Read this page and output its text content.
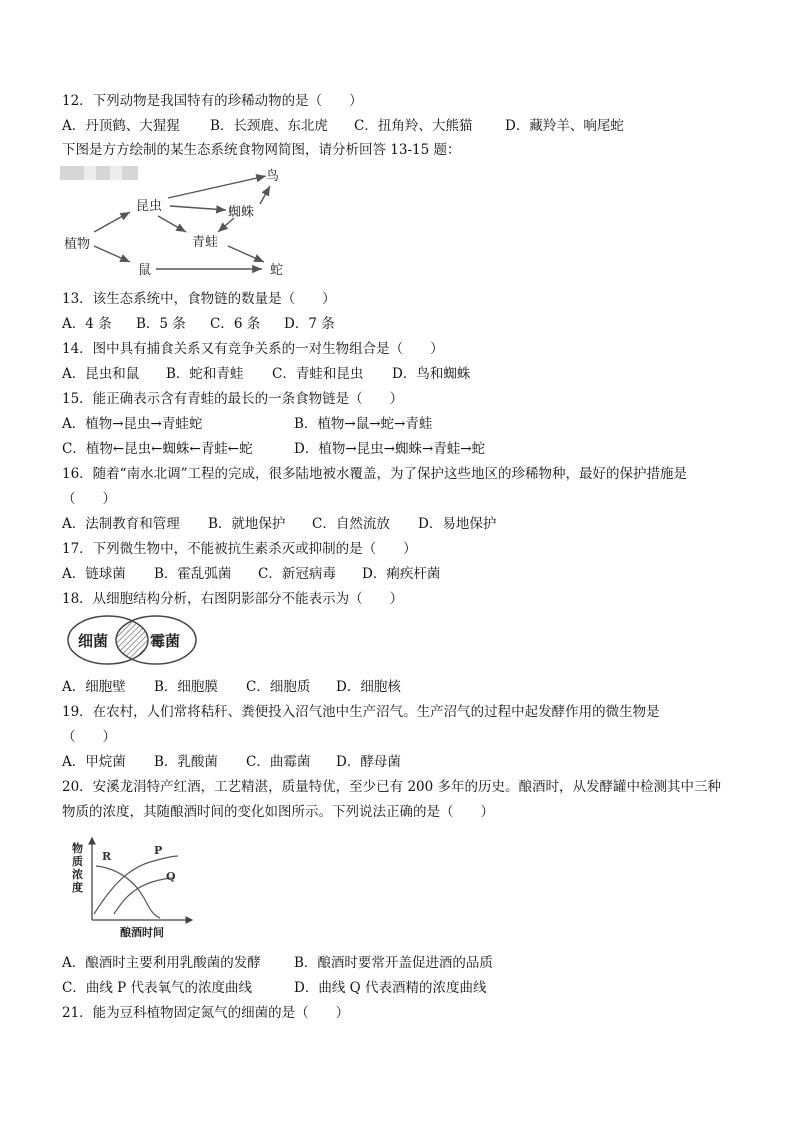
12．下列动物是我国特有的珍稀动物的是（　　）
A．丹顶鹤、大猩猩 B．长颈鹿、东北虎 C．扭角羚、大熊猫 D．藏羚羊、响尾蛇
下图是方方绘制的某生态系统食物网简图，请分析回答 13-15 题：
植物
昆虫
鼠
鸟
蜘蛛
青蛙
蛇
13．该生态系统中，食物链的数量是（　　）
A．4 条 B．5 条 C．6 条 D．7 条
14．图中具有捕食关系又有竞争关系的一对生物组合是（　　）
A．昆虫和鼠 B．蛇和青蛙 C．青蛙和昆虫 D．鸟和蜘蛛
15．能正确表示含有青蛙的最长的一条食物链是（　　）
A．植物→昆虫→青蛙蛇	B．植物→鼠→蛇→青蛙
C．植物←昆虫←蜘蛛←青蛙←蛇	D．植物→昆虫→蜘蛛→青蛙→蛇
16．随着“南水北调”工程的完成，很多陆地被水覆盖，为了保护这些地区的珍稀物种，最好的保护措施是
（　　）
A．法制教育和管理 B．就地保护 C．自然流放 D．易地保护
17．下列微生物中，不能被抗生素杀灭或抑制的是（　　）
A．链球菌 B．霍乱弧菌 C．新冠病毒 D．痢疾杆菌
18．从细胞结构分析，右图阴影部分不能表示为（　　）
细菌	霉菌
A．细胞壁 B．细胞膜 C．细胞质 D．细胞核
19．在农村，人们常将秸秆、粪便投入沼气池中生产沼气。生产沼气的过程中起发酵作用的微生物是
（　　）
A．甲烷菌 B．乳酸菌 C．曲霉菌 D．酵母菌
20．安溪龙涓特产红酒，工艺精湛，质量特优，至少已有 200 多年的历史。酿酒时，从发酵罐中检测其中三种
物质的浓度，其随酿酒时间的变化如图所示。下列说法正确的是（　　）
R	P
Q
物
质
浓
度
酿酒时间
A．酿酒时主要利用乳酸菌的发酵 B．酿酒时要常开盖促进酒的品质
C．曲线 P 代表氧气的浓度曲线	D．曲线 Q 代表酒精的浓度曲线
21．能为豆科植物固定氮气的细菌的是（　　）
